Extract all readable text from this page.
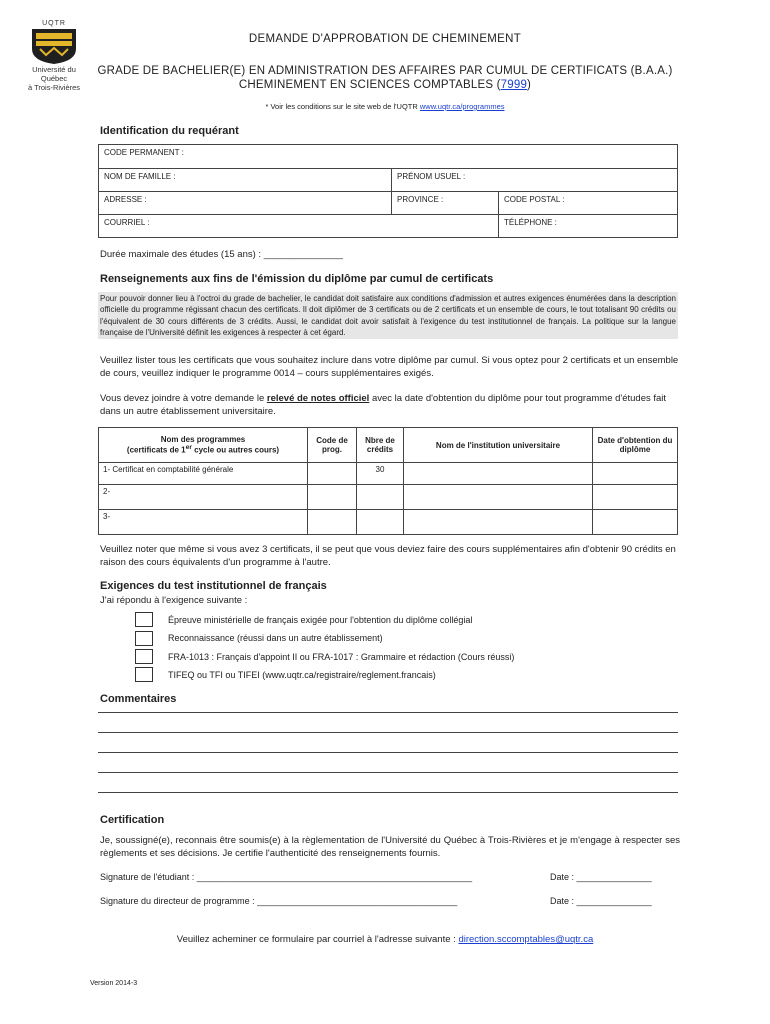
UQTR
Université du Québec
à Trois-Rivières
DEMANDE D'APPROBATION DE CHEMINEMENT
GRADE DE BACHELIER(E) EN ADMINISTRATION DES AFFAIRES PAR CUMUL DE CERTIFICATS (B.A.A.)
CHEMINEMENT EN SCIENCES COMPTABLES (7999)
* Voir les conditions sur le site web de l'UQTR www.uqtr.ca/programmes
Identification du requérant
CODE PERMANENT :		
NOM DE FAMILLE :	PRÉNOM USUEL :	
ADRESSE :	PROVINCE :	CODE POSTAL :
COURRIEL :		TÉLÉPHONE :
Durée maximale des études (15 ans) : _______________
Renseignements aux fins de l'émission du diplôme par cumul de certificats
Pour pouvoir donner lieu à l'octroi du grade de bachelier, le candidat doit satisfaire aux conditions d'admission et autres exigences énumérées dans la description officielle du programme régissant chacun des certificats. Il doit diplômer de 3 certificats ou de 2 certificats et un ensemble de cours, le tout totalisant 90 crédits ou l'équivalent de 30 cours différents de 3 crédits. Aussi, le candidat doit avoir satisfait à l'exigence du test institutionnel de français. La politique sur la langue française de l'Université définit les exigences à respecter à cet égard.
Veuillez lister tous les certificats que vous souhaitez inclure dans votre diplôme par cumul. Si vous optez pour 2 certificats et un ensemble de cours, veuillez indiquer le programme 0014 – cours supplémentaires exigés.
Vous devez joindre à votre demande le relevé de notes officiel avec la date d'obtention du diplôme pour tout programme d'études fait dans un autre établissement universitaire.
Nom des programmes
(certificats de 1er cycle ou autres cours)	Code de prog.	Nbre de crédits	Nom de l'institution universitaire	Date d'obtention du diplôme
1- Certificat en comptabilité générale		30		
2-				
3-				
Veuillez noter que même si vous avez 3 certificats, il se peut que vous deviez faire des cours supplémentaires afin d'obtenir 90 crédits en raison des cours équivalents d'un programme à l'autre.
Exigences du test institutionnel de français
J'ai répondu à l'exigence suivante :
Épreuve ministérielle de français exigée pour l'obtention du diplôme collégial
Reconnaissance (réussi dans un autre établissement)
FRA-1013 : Français d'appoint II ou FRA-1017 : Grammaire et rédaction (Cours réussi)
TIFEQ ou TFI ou TIFEI (www.uqtr.ca/registraire/reglement.francais)
Commentaires
Certification
Je, soussigné(e), reconnais être soumis(e) à la règlementation de l'Université du Québec à Trois-Rivières et je m'engage à respecter ses règlements et ses décisions. Je certifie l'authenticité des renseignements fournis.
Signature de l'étudiant : _______________________________________________________	Date : _______________
Signature du directeur de programme : ________________________________________	Date : _______________
Veuillez acheminer ce formulaire par courriel à l'adresse suivante : direction.sccomptables@uqtr.ca
Version 2014-3
